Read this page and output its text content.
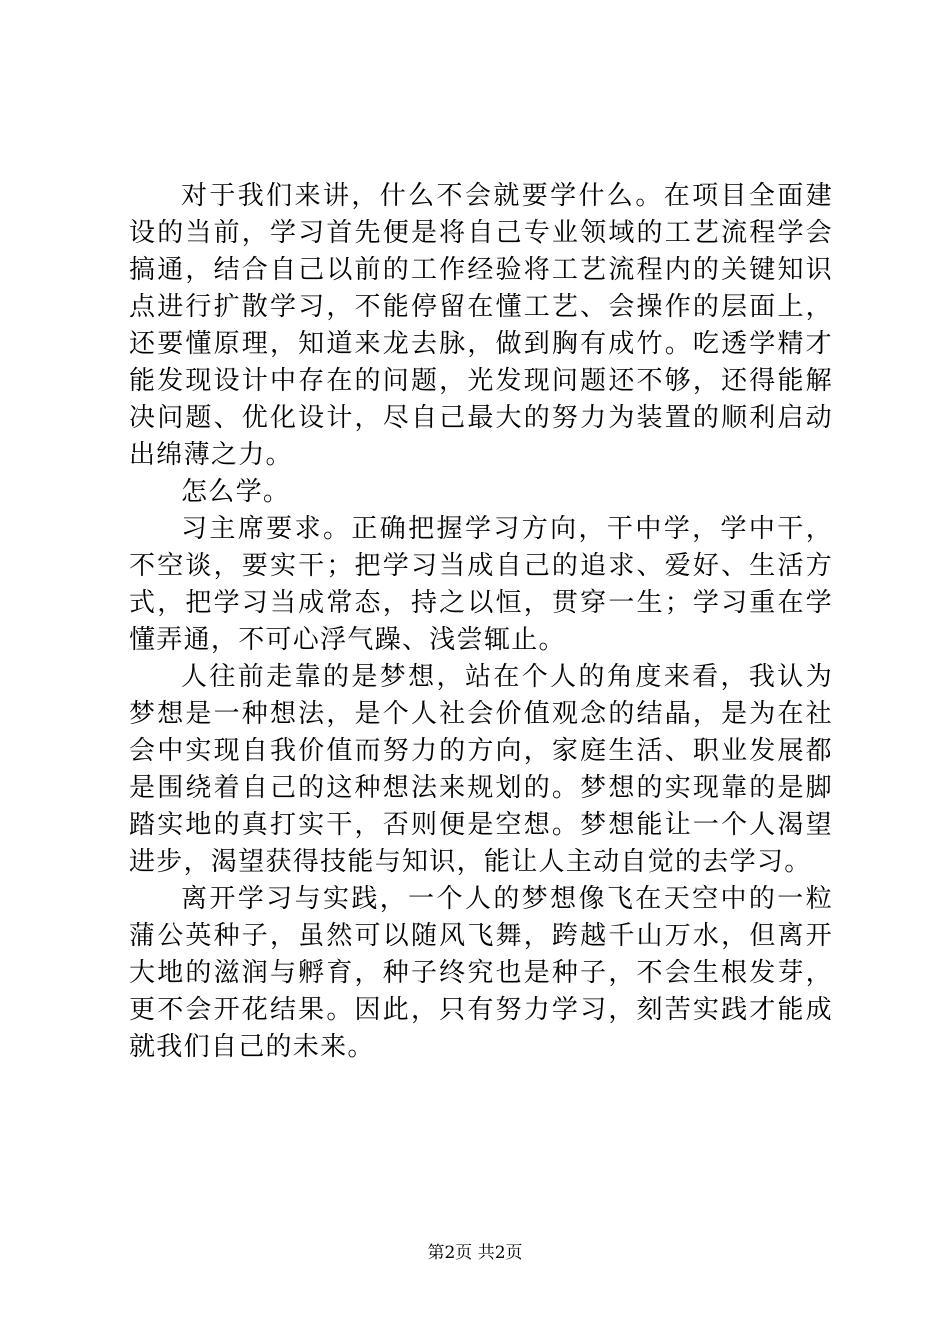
对于我们来讲，什么不会就要学什么。在项目全面建设的当前，学习首先便是将自己专业领域的工艺流程学会搞通，结合自己以前的工作经验将工艺流程内的关键知识点进行扩散学习，不能停留在懂工艺、会操作的层面上，还要懂原理，知道来龙去脉，做到胸有成竹。吃透学精才能发现设计中存在的问题，光发现问题还不够，还得能解决问题、优化设计，尽自己最大的努力为装置的顺利启动出绵薄之力。

怎么学。

习主席要求。正确把握学习方向，干中学，学中干，不空谈，要实干；把学习当成自己的追求、爱好、生活方式，把学习当成常态，持之以恒，贯穿一生；学习重在学懂弄通，不可心浮气躁、浅尝辄止。

人往前走靠的是梦想，站在个人的角度来看，我认为梦想是一种想法，是个人社会价值观念的结晶，是为在社会中实现自我价值而努力的方向，家庭生活、职业发展都是围绕着自己的这种想法来规划的。梦想的实现靠的是脚踏实地的真打实干，否则便是空想。梦想能让一个人渴望进步，渴望获得技能与知识，能让人主动自觉的去学习。

离开学习与实践，一个人的梦想像飞在天空中的一粒蒲公英种子，虽然可以随风飞舞，跨越千山万水，但离开大地的滋润与孵育，种子终究也是种子，不会生根发芽，更不会开花结果。因此，只有努力学习，刻苦实践才能成就我们自己的未来。

第2页 共2页
